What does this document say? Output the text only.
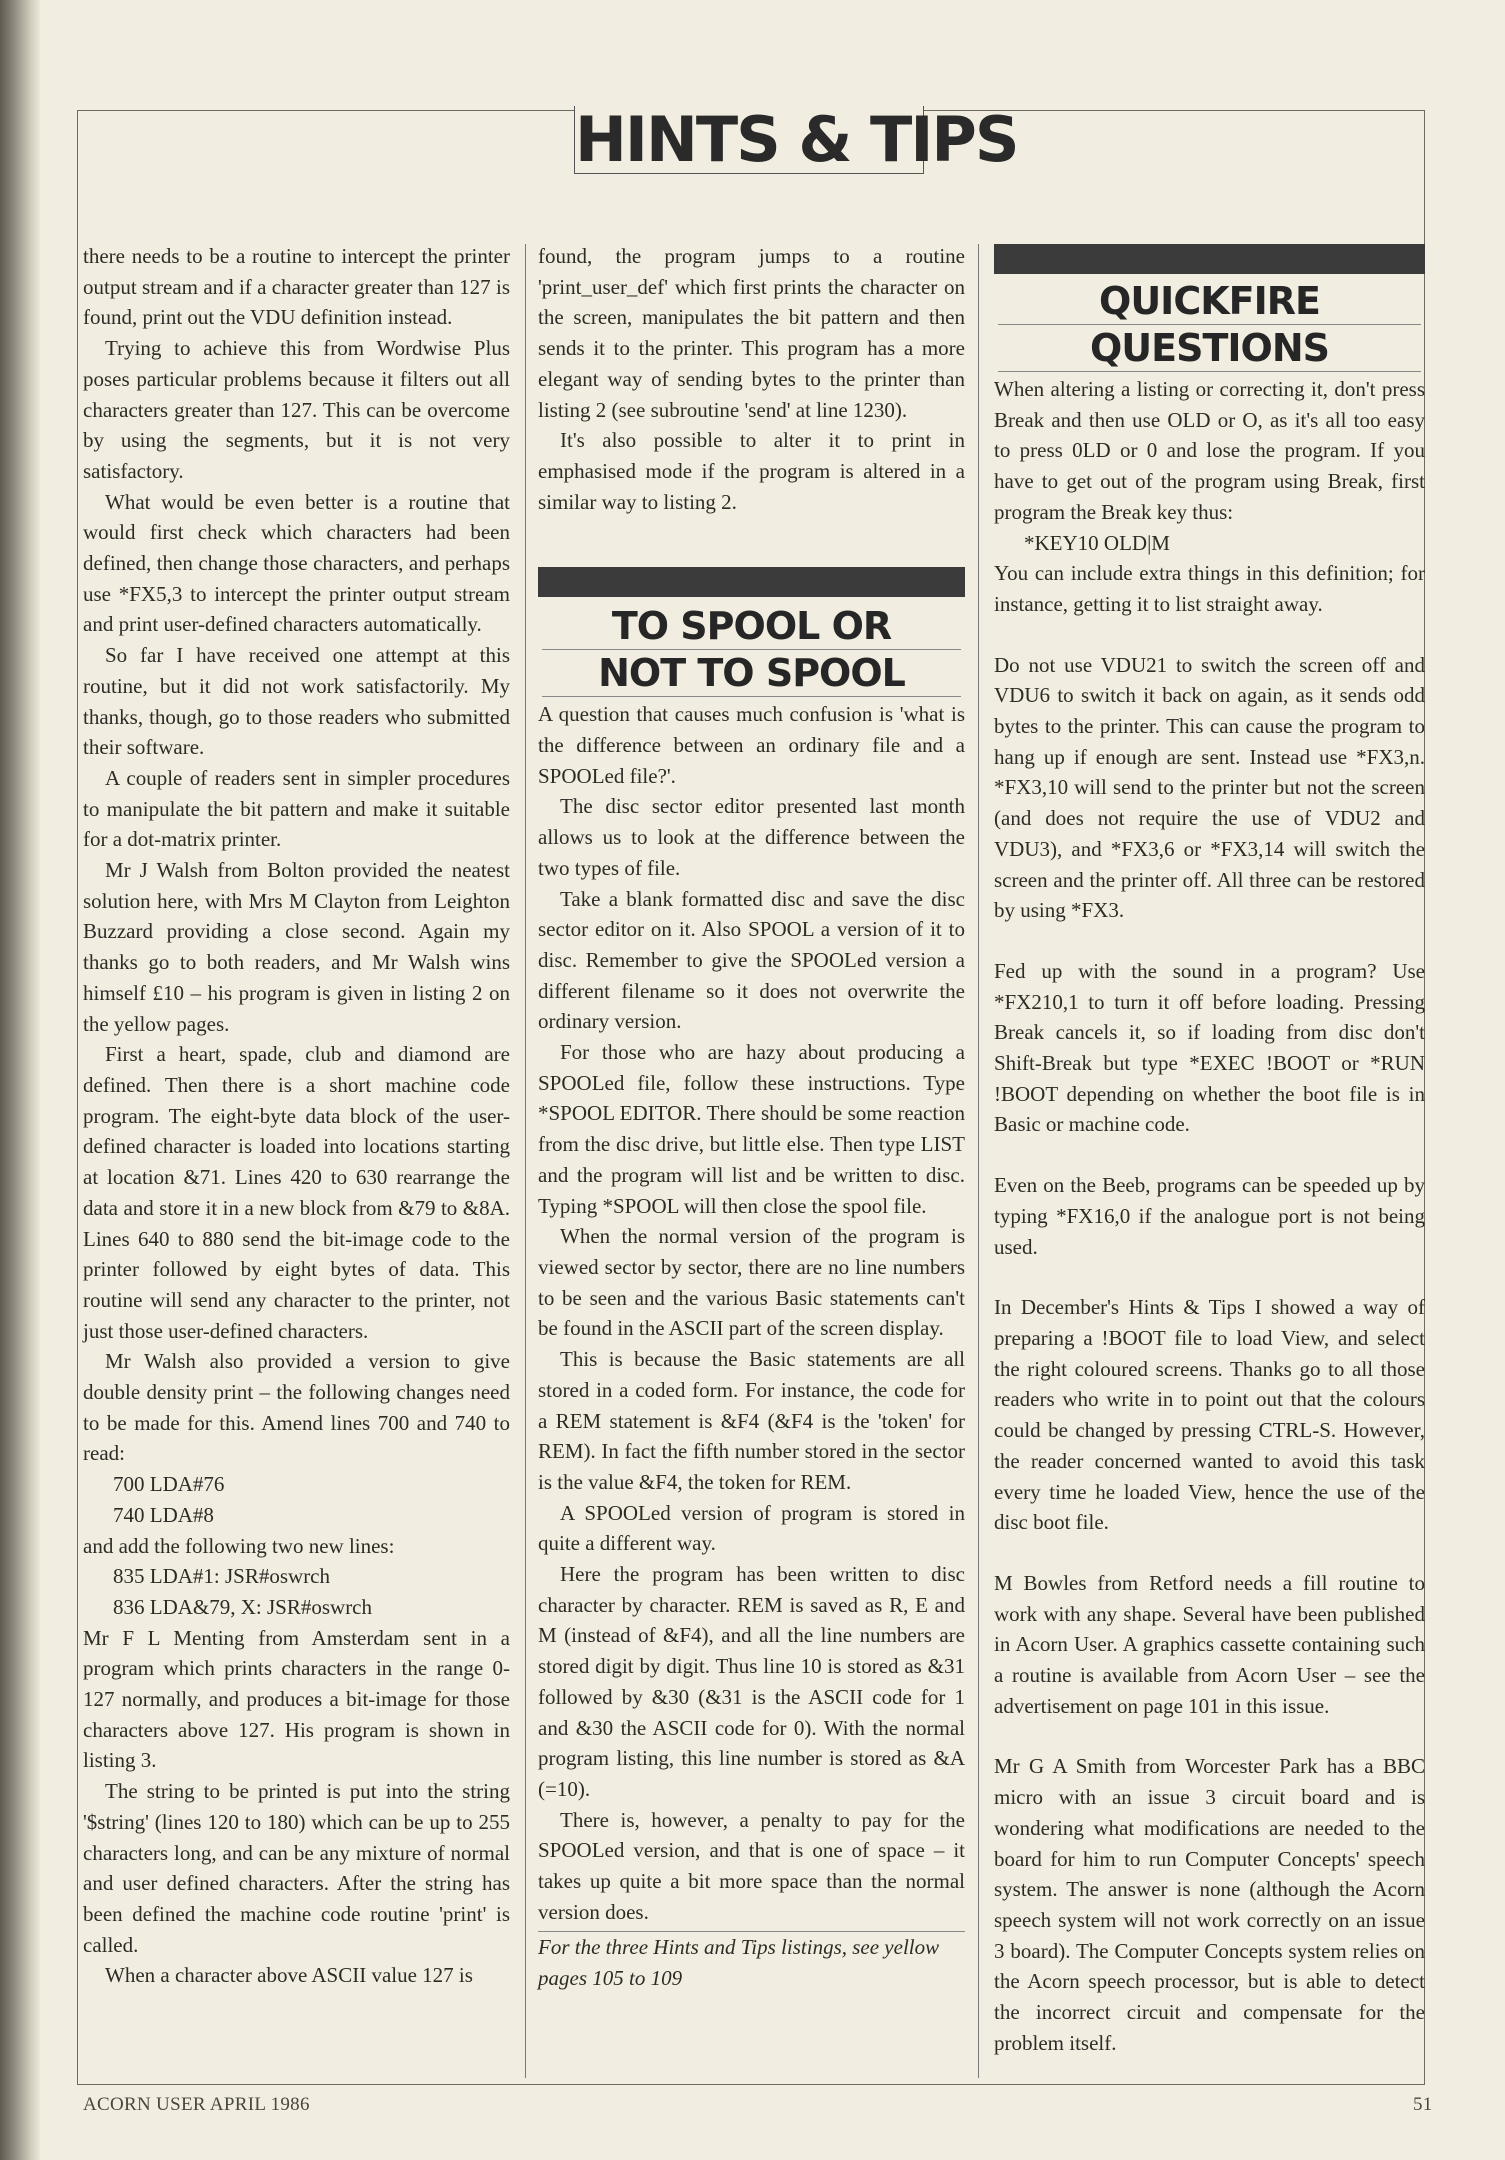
HINTS & TIPS

there needs to be a routine to intercept the printer output stream and if a character greater than 127 is found, print out the VDU definition instead.

Trying to achieve this from Wordwise Plus poses particular problems because it filters out all characters greater than 127. This can be overcome by using the segments, but it is not very satisfactory.

What would be even better is a routine that would first check which characters had been defined, then change those characters, and perhaps use *FX5,3 to intercept the printer output stream and print user-defined characters automatically.

So far I have received one attempt at this routine, but it did not work satisfactorily. My thanks, though, go to those readers who submitted their software.

A couple of readers sent in simpler procedures to manipulate the bit pattern and make it suitable for a dot-matrix printer.

Mr J Walsh from Bolton provided the neatest solution here, with Mrs M Clayton from Leighton Buzzard providing a close second. Again my thanks go to both readers, and Mr Walsh wins himself £10 – his program is given in listing 2 on the yellow pages.

First a heart, spade, club and diamond are defined. Then there is a short machine code program. The eight-byte data block of the user-defined character is loaded into locations starting at location &71. Lines 420 to 630 rearrange the data and store it in a new block from &79 to &8A. Lines 640 to 880 send the bit-image code to the printer followed by eight bytes of data. This routine will send any character to the printer, not just those user-defined characters.

Mr Walsh also provided a version to give double density print – the following changes need to be made for this. Amend lines 700 and 740 to read:

700 LDA#76

740 LDA#8

and add the following two new lines:

835 LDA#1: JSR#oswrch

836 LDA&79, X: JSR#oswrch

Mr F L Menting from Amsterdam sent in a program which prints characters in the range 0-127 normally, and produces a bit-image for those characters above 127. His program is shown in listing 3.

The string to be printed is put into the string '$string' (lines 120 to 180) which can be up to 255 characters long, and can be any mixture of normal and user defined characters. After the string has been defined the machine code routine 'print' is called.

When a character above ASCII value 127 is

found, the program jumps to a routine 'print_user_def' which first prints the character on the screen, manipulates the bit pattern and then sends it to the printer. This program has a more elegant way of sending bytes to the printer than listing 2 (see subroutine 'send' at line 1230).

It's also possible to alter it to print in emphasised mode if the program is altered in a similar way to listing 2.

TO SPOOL OR
NOT TO SPOOL

A question that causes much confusion is 'what is the difference between an ordinary file and a SPOOLed file?'.

The disc sector editor presented last month allows us to look at the difference between the two types of file.

Take a blank formatted disc and save the disc sector editor on it. Also SPOOL a version of it to disc. Remember to give the SPOOLed version a different filename so it does not overwrite the ordinary version.

For those who are hazy about producing a SPOOLed file, follow these instructions. Type *SPOOL EDITOR. There should be some reaction from the disc drive, but little else. Then type LIST and the program will list and be written to disc. Typing *SPOOL will then close the spool file.

When the normal version of the program is viewed sector by sector, there are no line numbers to be seen and the various Basic statements can't be found in the ASCII part of the screen display.

This is because the Basic statements are all stored in a coded form. For instance, the code for a REM statement is &F4 (&F4 is the 'token' for REM). In fact the fifth number stored in the sector is the value &F4, the token for REM.

A SPOOLed version of program is stored in quite a different way.

Here the program has been written to disc character by character. REM is saved as R, E and M (instead of &F4), and all the line numbers are stored digit by digit. Thus line 10 is stored as &31 followed by &30 (&31 is the ASCII code for 1 and &30 the ASCII code for 0). With the normal program listing, this line number is stored as &A (=10).

There is, however, a penalty to pay for the SPOOLed version, and that is one of space – it takes up quite a bit more space than the normal version does.

For the three Hints and Tips listings, see yellow pages 105 to 109

QUICKFIRE
QUESTIONS

When altering a listing or correcting it, don't press Break and then use OLD or O, as it's all too easy to press 0LD or 0 and lose the program. If you have to get out of the program using Break, first program the Break key thus:

*KEY10 OLD|M

You can include extra things in this definition; for instance, getting it to list straight away.

Do not use VDU21 to switch the screen off and VDU6 to switch it back on again, as it sends odd bytes to the printer. This can cause the program to hang up if enough are sent. Instead use *FX3,n. *FX3,10 will send to the printer but not the screen (and does not require the use of VDU2 and VDU3), and *FX3,6 or *FX3,14 will switch the screen and the printer off. All three can be restored by using *FX3.

Fed up with the sound in a program? Use *FX210,1 to turn it off before loading. Pressing Break cancels it, so if loading from disc don't Shift-Break but type *EXEC !BOOT or *RUN !BOOT depending on whether the boot file is in Basic or machine code.

Even on the Beeb, programs can be speeded up by typing *FX16,0 if the analogue port is not being used.

In December's Hints & Tips I showed a way of preparing a !BOOT file to load View, and select the right coloured screens. Thanks go to all those readers who write in to point out that the colours could be changed by pressing CTRL-S. However, the reader concerned wanted to avoid this task every time he loaded View, hence the use of the disc boot file.

M Bowles from Retford needs a fill routine to work with any shape. Several have been published in Acorn User. A graphics cassette containing such a routine is available from Acorn User – see the advertisement on page 101 in this issue.

Mr G A Smith from Worcester Park has a BBC micro with an issue 3 circuit board and is wondering what modifications are needed to the board for him to run Computer Concepts' speech system. The answer is none (although the Acorn speech system will not work correctly on an issue 3 board). The Computer Concepts system relies on the Acorn speech processor, but is able to detect the incorrect circuit and compensate for the problem itself.

ACORN USER APRIL 1986	51
